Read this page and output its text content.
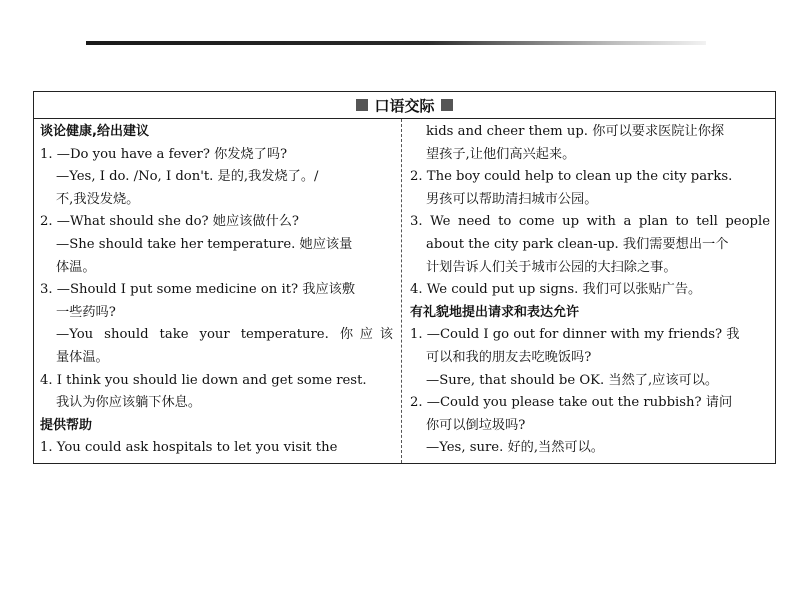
口语交际
谈论健康,给出建议
1. —Do you have a fever? 你发烧了吗?
—Yes, I do. /No, I don't. 是的,我发烧了。/
不,我没发烧。
2. —What should she do? 她应该做什么?
—She should take her temperature. 她应该量
体温。
3. —Should I put some medicine on it? 我应该敷
一些药吗?
—You should take your temperature. 你应该
量体温。
4. I think you should lie down and get some rest.
我认为你应该躺下休息。
提供帮助
1. You could ask hospitals to let you visit the
kids and cheer them up. 你可以要求医院让你探
望孩子,让他们高兴起来。
2. The boy could help to clean up the city parks.
男孩可以帮助清扫城市公园。
3. We need to come up with a plan to tell people
about the city park clean-up. 我们需要想出一个
计划告诉人们关于城市公园的大扫除之事。
4. We could put up signs. 我们可以张贴广告。
有礼貌地提出请求和表达允许
1. —Could I go out for dinner with my friends? 我
可以和我的朋友去吃晚饭吗?
—Sure, that should be OK. 当然了,应该可以。
2. —Could you please take out the rubbish? 请问
你可以倒垃圾吗?
—Yes, sure. 好的,当然可以。
